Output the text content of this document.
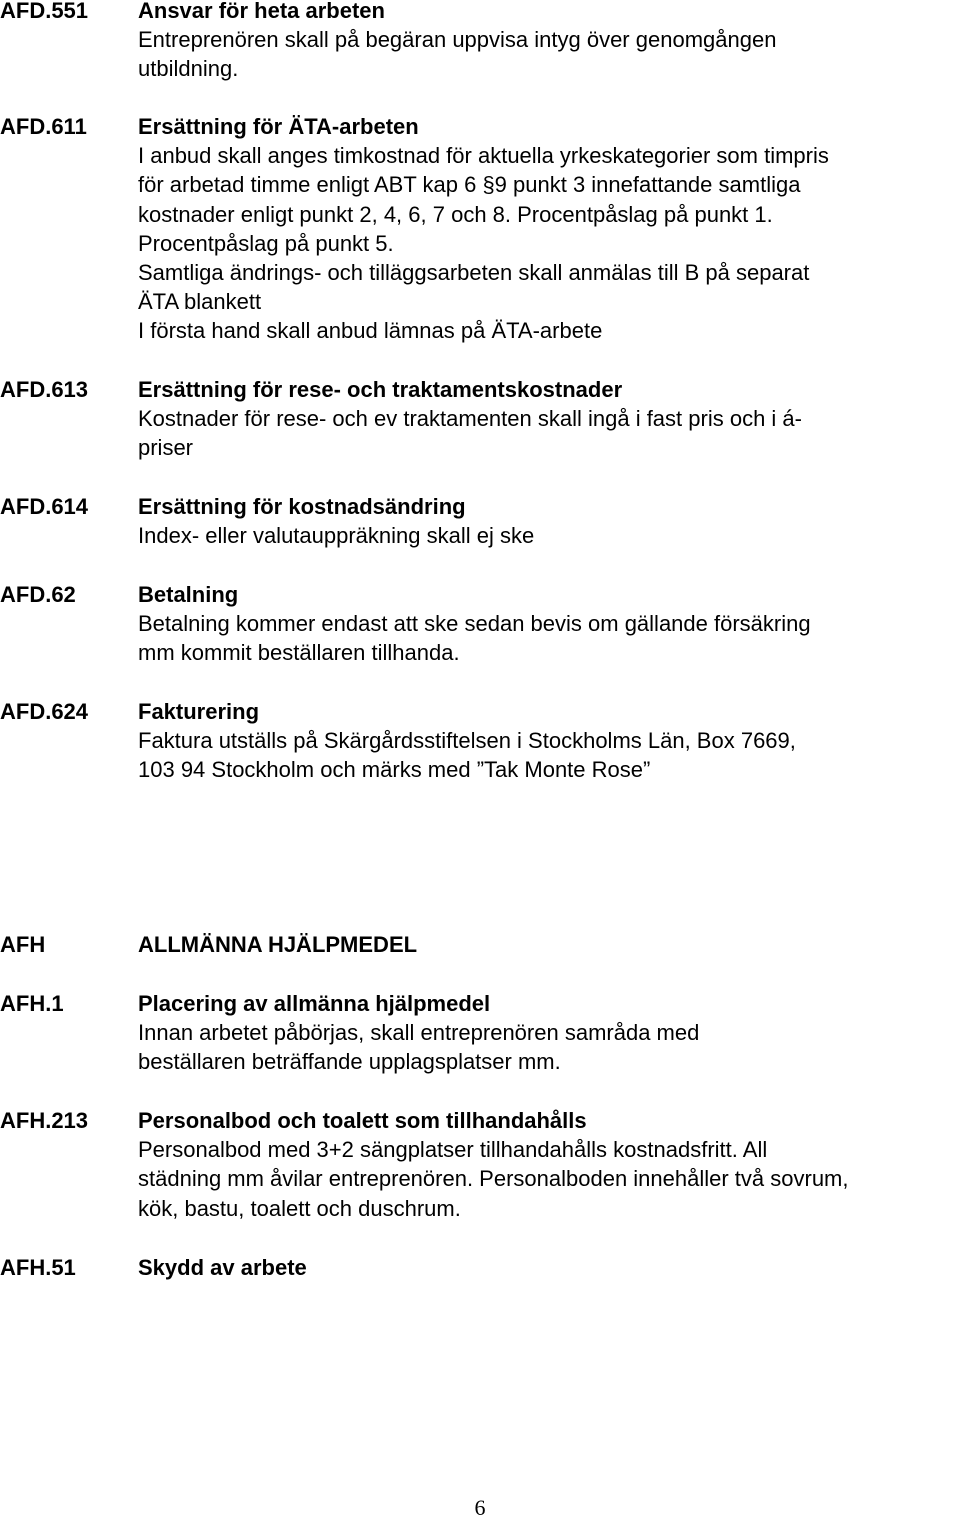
AFD.551 Ansvar för heta arbeten
Entreprenören skall på begäran uppvisa intyg över genomgången
utbildning.
AFD.611 Ersättning för ÄTA-arbeten
I anbud skall anges timkostnad för aktuella yrkeskategorier som timpris
för arbetad timme enligt ABT kap 6 §9 punkt 3 innefattande samtliga
kostnader enligt punkt 2, 4, 6, 7 och 8. Procentpåslag på punkt 1.
Procentpåslag på punkt 5.
Samtliga ändrings- och tilläggsarbeten skall anmälas till B på separat
ÄTA blankett
I första hand skall anbud lämnas på ÄTA-arbete
AFD.613 Ersättning för rese- och traktamentskostnader
Kostnader för rese- och ev traktamenten skall ingå i fast pris och i á-
priser
AFD.614 Ersättning för kostnadsändring
Index- eller valutauppräkning skall ej ske
AFD.62	Betalning
Betalning kommer endast att ske sedan bevis om gällande försäkring
mm kommit beställaren tillhanda.
AFD.624 Fakturering
Faktura utställs på Skärgårdsstiftelsen i Stockholms Län, Box 7669,
103 94 Stockholm och märks med ”Tak Monte Rose”
AFH	ALLMÄNNA HJÄLPMEDEL
AFH.1	Placering av allmänna hjälpmedel
Innan arbetet påbörjas, skall entreprenören samråda med
beställaren beträffande upplagsplatser mm.
AFH.213 Personalbod och toalett som tillhandahålls
Personalbod med 3+2 sängplatser tillhandahålls kostnadsfritt. All
städning mm åvilar entreprenören. Personalboden innehåller två sovrum,
kök, bastu, toalett och duschrum.
AFH.51	Skydd av arbete
6
